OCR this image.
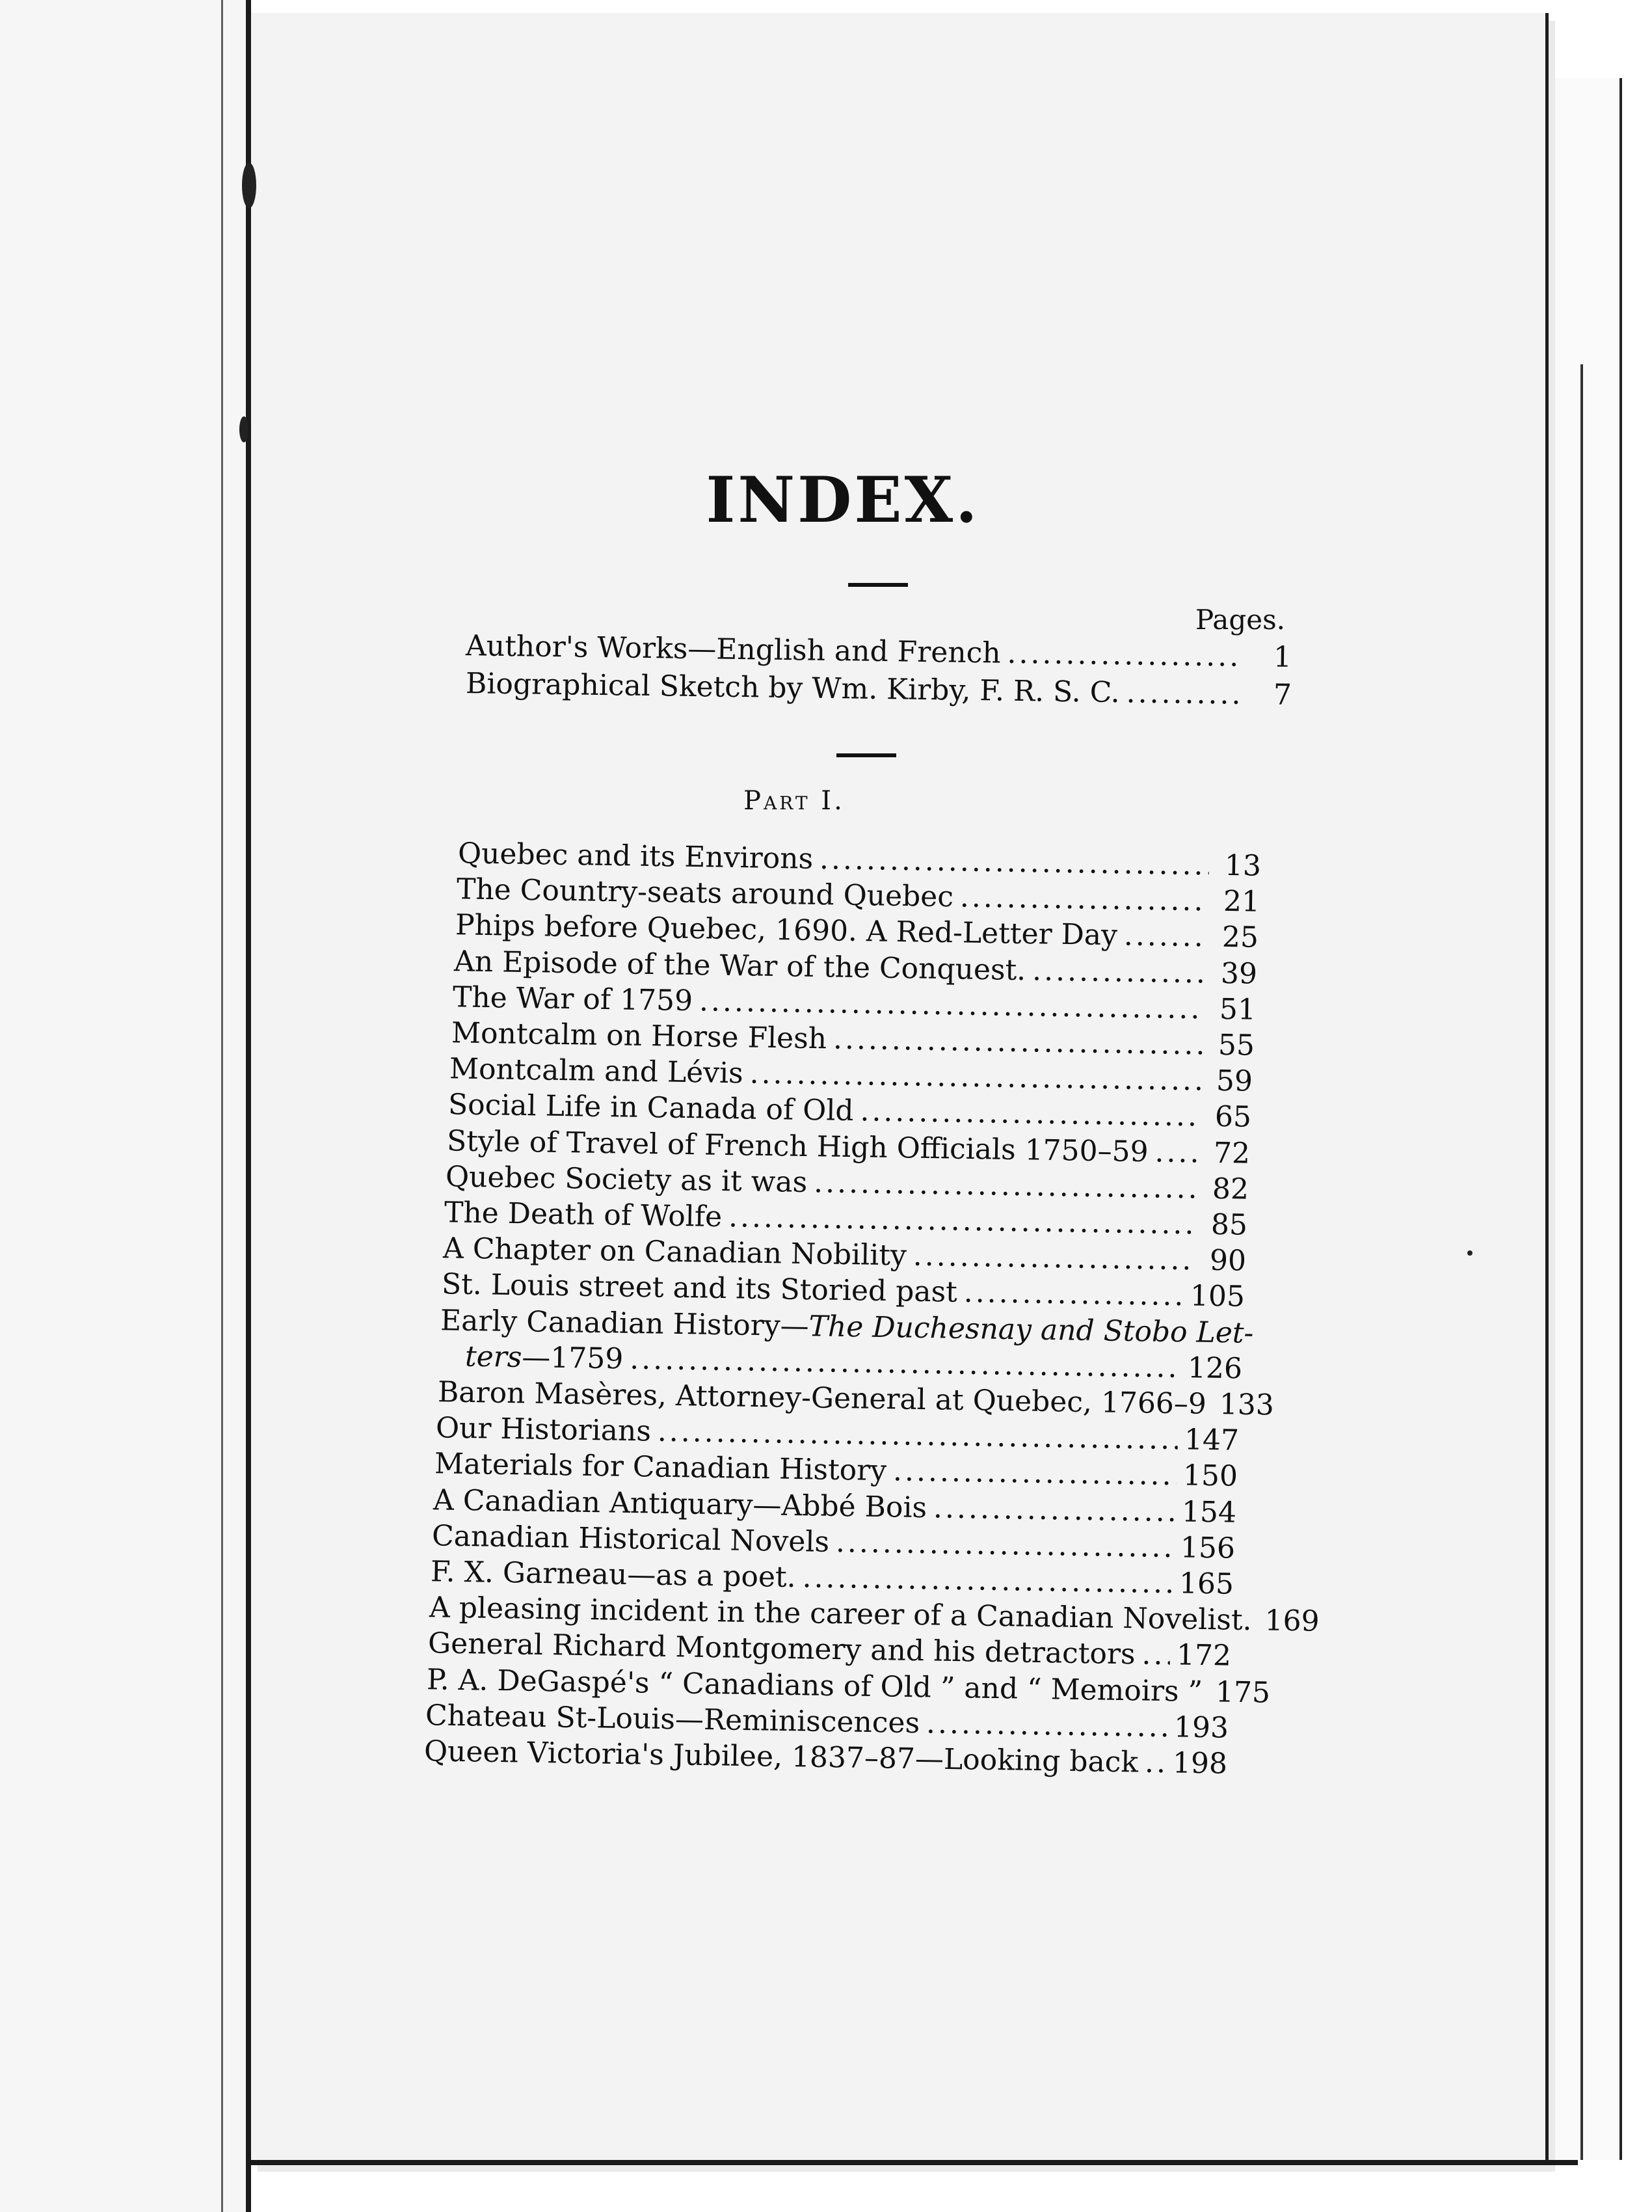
INDEX.
Pages.
Author's Works—English and French .....	1
Biographical Sketch by Wm. Kirby, F. R. S. C. .....	7
Part I.
Quebec and its Environs .....	13
The Country-seats around Quebec .....	21
Phips before Quebec, 1690. A Red-Letter Day .....	25
An Episode of the War of the Conquest. .....	39
The War of 1759 .....	51
Montcalm on Horse Flesh .....	55
Montcalm and Lévis .....	59
Social Life in Canada of Old .....	65
Style of Travel of French High Officials 1750–59 .....	72
Quebec Society as it was .....	82
The Death of Wolfe .....	85
A Chapter on Canadian Nobility .....	90
St. Louis street and its Storied past .....	105
Early Canadian History—The Duchesnay and Stobo Let-
ters—1759 .....	126
Baron Masères, Attorney-General at Quebec, 1766–9 ..... 133
Our Historians .....	147
Materials for Canadian History .....	150
A Canadian Antiquary—Abbé Bois .....	154
Canadian Historical Novels .....	156
F. X. Garneau—as a poet. .....	165
A pleasing incident in the career of a Canadian Novelist. ..... 169
General Richard Montgomery and his detractors ..... 172
P. A. DeGaspé's “ Canadians of Old ” and “ Memoirs ” ..... 175
Chateau St-Louis—Reminiscences .....	193
Queen Victoria's Jubilee, 1837–87—Looking back ..... 198
